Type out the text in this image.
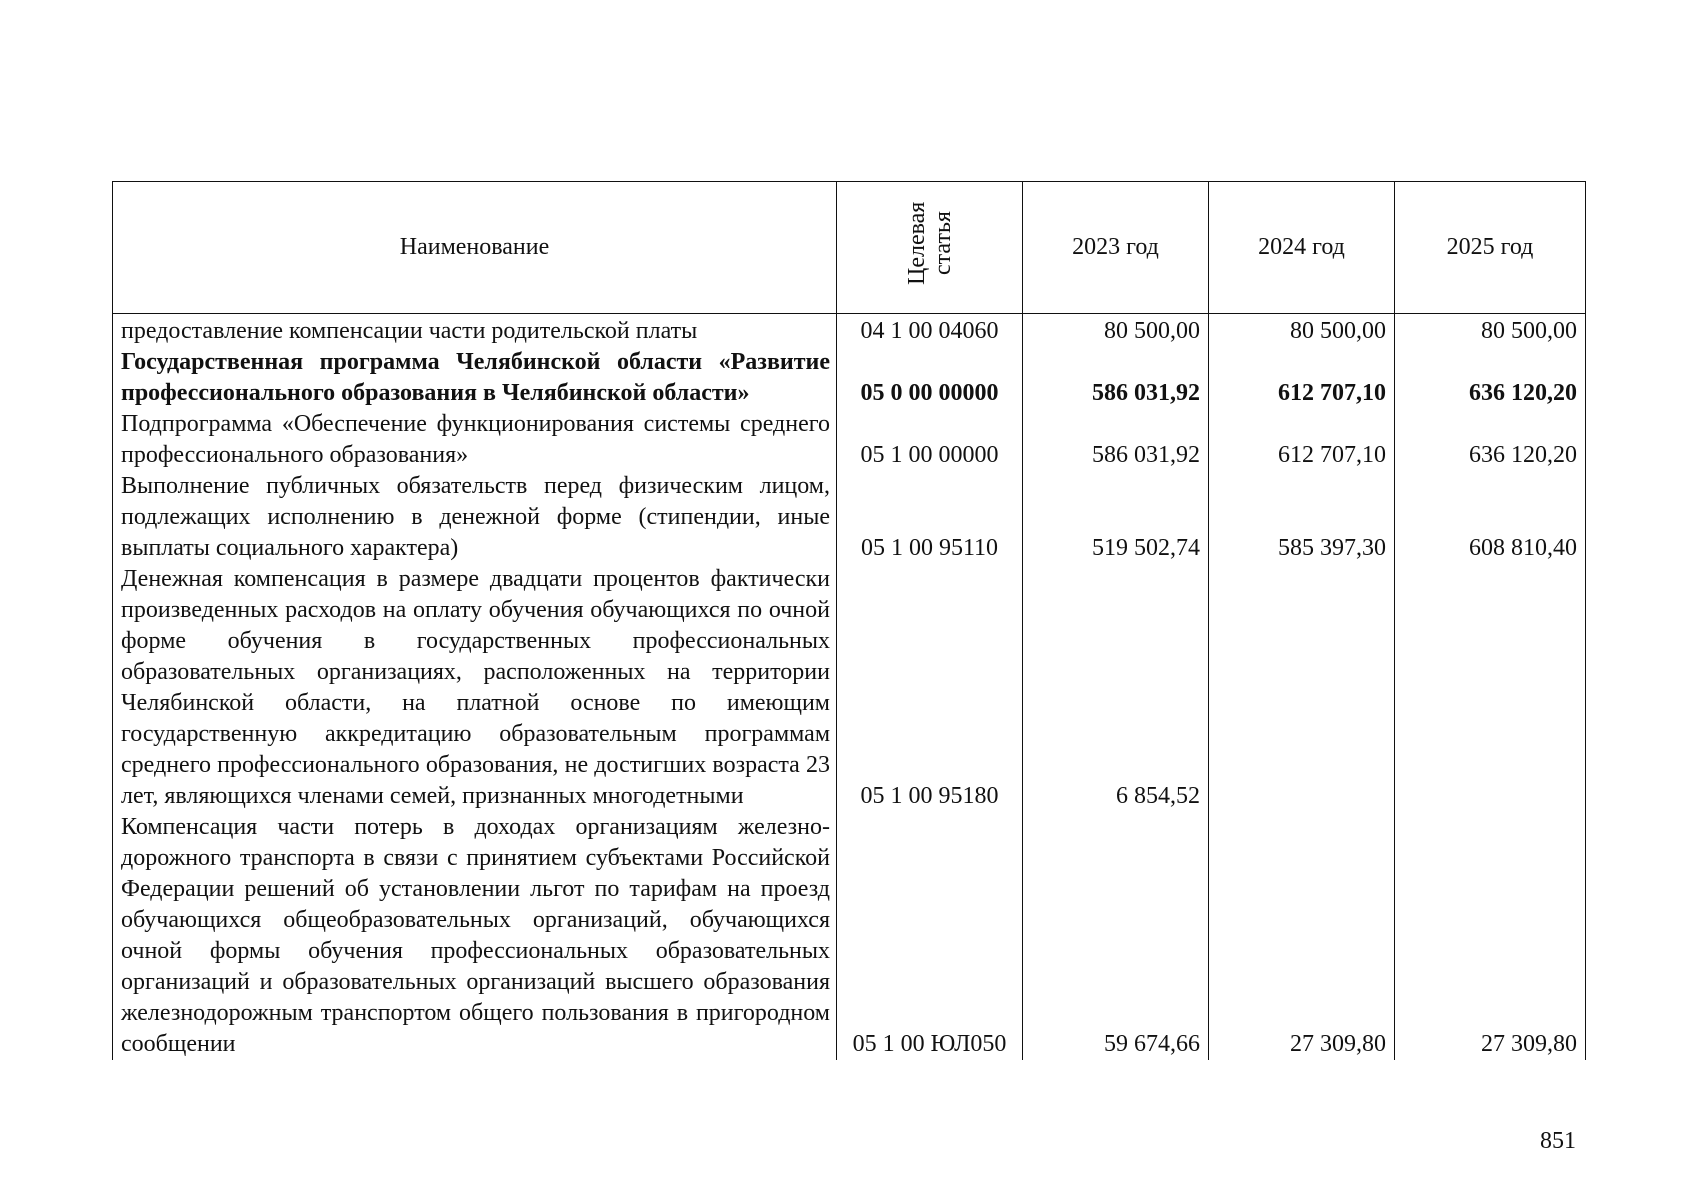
Наименование	Целевая статья	2023 год	2024 год	2025 год
предоставление компенсации части родительской платы	04 1 00 04060	80 500,00	80 500,00	80 500,00
Государственная программа Челябинской области «Развитие профессионального образования в Челябинской области»	05 0 00 00000	586 031,92	612 707,10	636 120,20
Подпрограмма «Обеспечение функционирования системы среднего профессионального образования»	05 1 00 00000	586 031,92	612 707,10	636 120,20
Выполнение публичных обязательств перед физическим лицом, подлежащих исполнению в денежной форме (стипендии, иные выплаты социального характера)	05 1 00 95110	519 502,74	585 397,30	608 810,40
Денежная компенсация в размере двадцати процентов фактически произведенных расходов на оплату обучения обучающихся по очной форме обучения в государственных профессиональных образовательных организациях, расположенных на территории Челябинской области, на платной основе по имеющим государственную аккредитацию образовательным программам среднего профессионального образования, не достигших возраста 23 лет, являющихся членами семей, признанных многодетными	05 1 00 95180	6 854,52		
Компенсация части потерь в доходах организациям железнодорожного транспорта в связи с принятием субъектами Российской Федерации решений об установлении льгот по тарифам на проезд обучающихся общеобразовательных организаций, обучающихся очной формы обучения профессиональных образовательных организаций и образовательных организаций высшего образования железнодорожным транспортом общего пользования в пригородном сообщении	05 1 00 ЮЛ050	59 674,66	27 309,80	27 309,80
851
